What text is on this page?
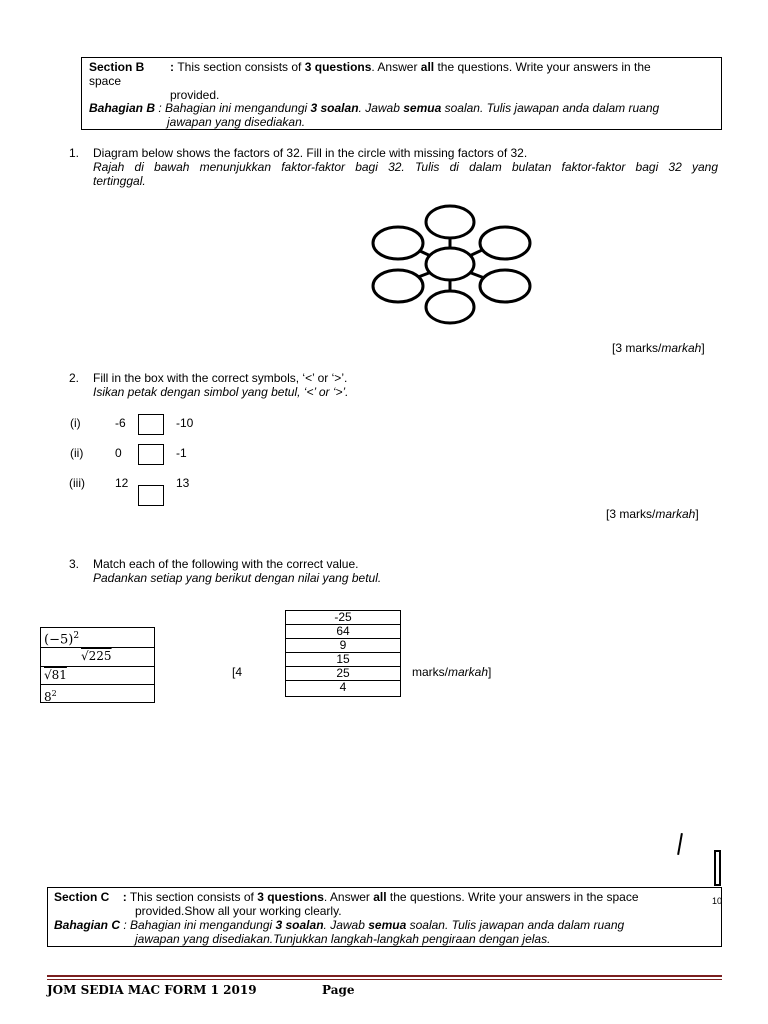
Section B : This section consists of 3 questions. Answer all the questions. Write your answers in the
space
provided.
Bahagian B : Bahagian ini mengandungi 3 soalan. Jawab semua soalan. Tulis jawapan anda dalam ruang
jawapan yang disediakan.
1. Diagram below shows the factors of 32. Fill in the circle with missing factors of 32.
Rajah di bawah menunjukkan faktor-faktor bagi 32. Tulis di dalam bulatan faktor-faktor bagi 32 yang
tertinggal.
[3 marks/markah]
2. Fill in the box with the correct symbols, ‘<’ or ‘>’.
Isikan petak dengan simbol yang betul, ‘<’ or ‘>’.
(i)	-6	-10
(ii)	0	-1
(iii)	12	13
[3 marks/markah]
3. Match each of the following with the correct value.
Padankan setiap yang berikut dengan nilai yang betul.
$(-5)^2$
√225
√81
$8^2$
[4	marks/markah]
-25
64
9
15
25
4
10
Section C : This section consists of 3 questions. Answer all the questions. Write your answers in the space
provided.Show all your working clearly.
Bahagian C : Bahagian ini mengandungi 3 soalan. Jawab semua soalan. Tulis jawapan anda dalam ruang
jawapan yang disediakan.Tunjukkan langkah-langkah pengiraan dengan jelas.
JOM SEDIA MAC FORM 1 2019	Page
